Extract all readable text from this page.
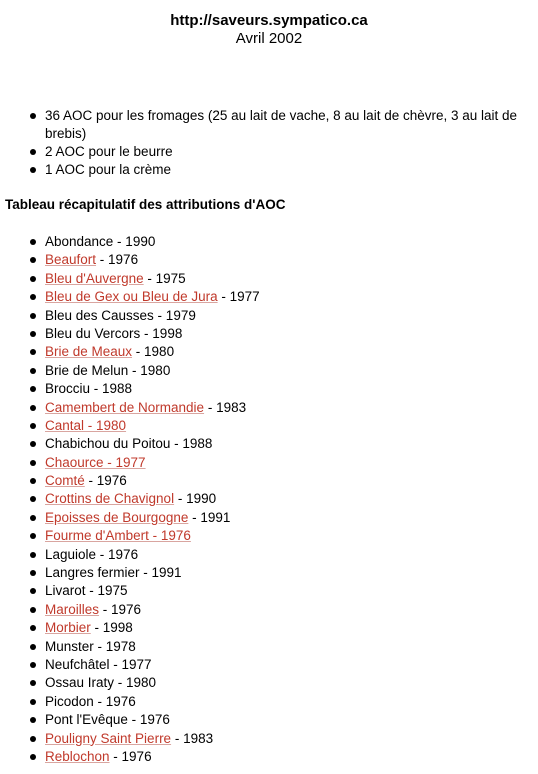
http://saveurs.sympatico.ca
Avril 2002
36 AOC pour les fromages (25 au lait de vache, 8 au lait de chèvre, 3 au lait de brebis)
2 AOC pour le beurre
1 AOC pour la crème
Tableau récapitulatif des attributions d'AOC
Abondance - 1990
Beaufort - 1976
Bleu d'Auvergne - 1975
Bleu de Gex ou Bleu de Jura - 1977
Bleu des Causses - 1979
Bleu du Vercors - 1998
Brie de Meaux - 1980
Brie de Melun - 1980
Brocciu - 1988
Camembert de Normandie - 1983
Cantal - 1980
Chabichou du Poitou - 1988
Chaource - 1977
Comté - 1976
Crottins de Chavignol - 1990
Epoisses de Bourgogne - 1991
Fourme d'Ambert - 1976
Laguiole - 1976
Langres fermier - 1991
Livarot - 1975
Maroilles - 1976
Morbier - 1998
Munster - 1978
Neufchâtel - 1977
Ossau Iraty - 1980
Picodon - 1976
Pont l'Evêque - 1976
Pouligny Saint Pierre - 1983
Reblochon - 1976
